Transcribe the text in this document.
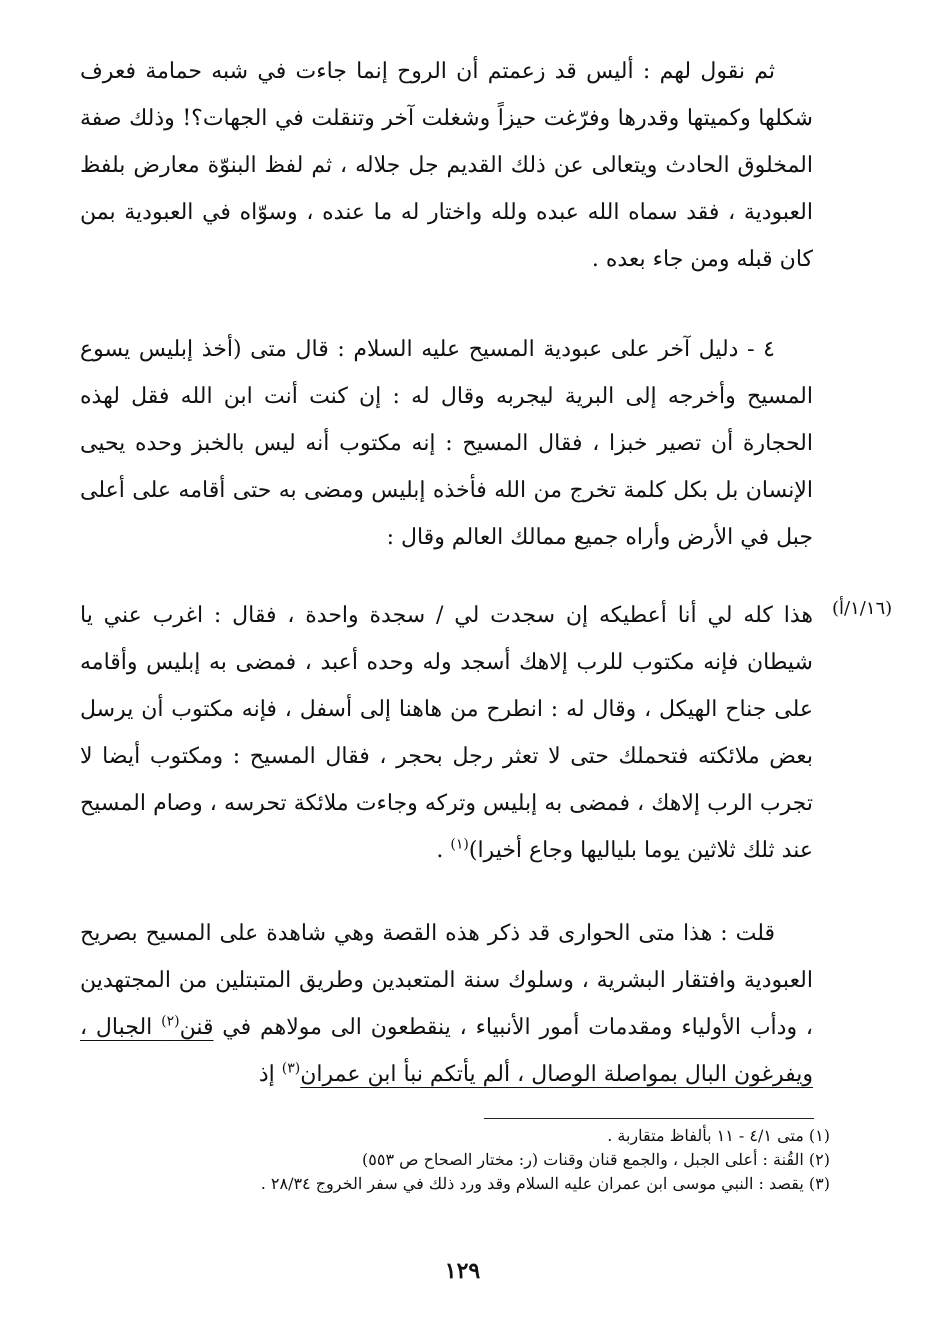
ثم نقول لهم : أليس قد زعمتم أن الروح إنما جاءت في شبه حمامة فعرف شكلها وكميتها وقدرها وفرّغت حيزاً وشغلت آخر وتنقلت في الجهات؟! وذلك صفة المخلوق الحادث ويتعالى عن ذلك القديم جل جلاله ، ثم لفظ البنوّة معارض بلفظ العبودية ، فقد سماه الله عبده ولله واختار له ما عنده ، وسوّاه في العبودية بمن كان قبله ومن جاء بعده .

٤ - دليل آخر على عبودية المسيح عليه السلام : قال متى (أخذ إبليس يسوع المسيح وأخرجه إلى البرية ليجربه وقال له : إن كنت أنت ابن الله فقل لهذه الحجارة أن تصير خبزا ، فقال المسيح : إنه مكتوب أنه ليس بالخبز وحده يحيى الإنسان بل بكل كلمة تخرج من الله فأخذه إبليس ومضى به حتى أقامه على أعلى جبل في الأرض وأراه جميع ممالك العالم وقال :

(١/١٦/أ)

هذا كله لي أنا أعطيكه إن سجدت لي / سجدة واحدة ، فقال : اغرب عني يا شيطان فإنه مكتوب للرب إلاهك أسجد وله وحده أعبد ، فمضى به إبليس وأقامه على جناح الهيكل ، وقال له : انطرح من هاهنا إلى أسفل ، فإنه مكتوب أن يرسل بعض ملائكته فتحملك حتى لا تعثر رجل بحجر ، فقال المسيح : ومكتوب أيضا لا تجرب الرب إلاهك ، فمضى به إبليس وتركه وجاءت ملائكة تحرسه ، وصام المسيح عند ثلك ثلاثين يوما بلياليها وجاع أخيرا)$^{(١)}$ .

قلت : هذا متى الحوارى قد ذكر هذه القصة وهي شاهدة على المسيح بصريح العبودية وافتقار البشرية ، وسلوك سنة المتعبدين وطريق المتبتلين من المجتهدين ، ودأب الأولياء ومقدمات أمور الأنبياء ، ينقطعون الى مولاهم في قنن$^{(٢)}$ الجبال ، ويفرغون البال بمواصلة الوصال ، ألم يأتكم نبأ ابن عمران$^{(٣)}$ إذ

(١) متى ٤/١ - ١١ بألفاظ متقاربة .

(٢) القُنة : أعلى الجبل ، والجمع قنان وقنات (ر: مختار الصحاح ص ٥٥٣)

(٣) يقصد : النبي موسى ابن عمران عليه السلام وقد ورد ذلك في سفر الخروج ٢٨/٣٤ .

١٢٩
